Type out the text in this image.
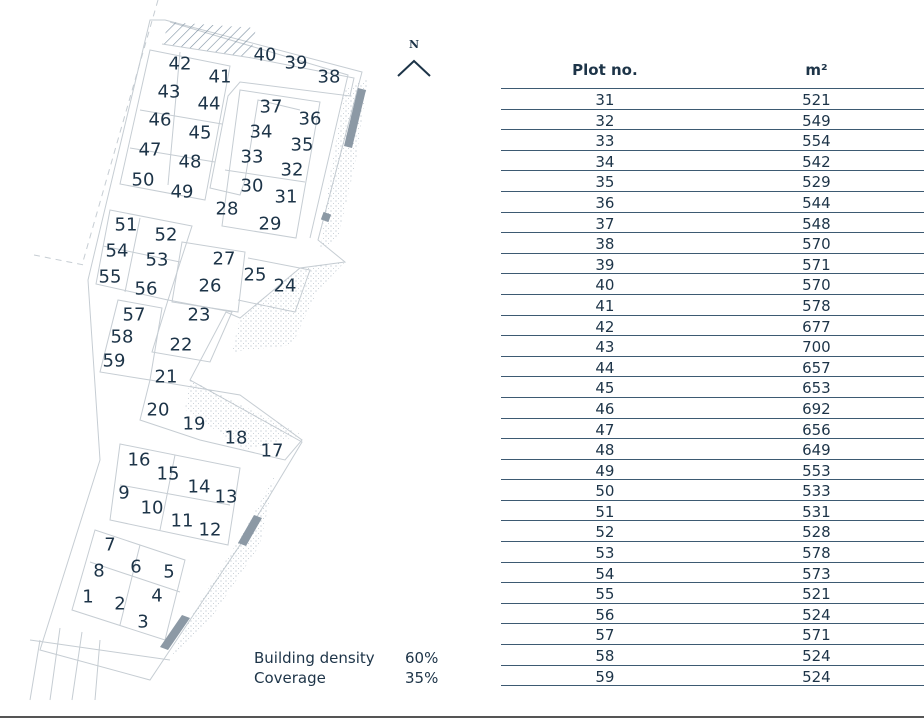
N
1 2
3
4
5
6
7
8
9
10
11 12
13
14
15
16	17
18
19
20
21
22
23
24
25
26
27
28
29
30
31
32
33
34
35
36
37
38
39
40
41
42
43
44
45
46
47
48
49
50
51 52
53
54
55
56
57
58
59
Building density	60%
Coverage	35%
Plot no.	m²
31	521
32	549
33	554
34	542
35	529
36	544
37	548
38	570
39	571
40	570
41	578
42	677
43	700
44	657
45	653
46	692
47	656
48	649
49	553
50	533
51	531
52	528
53	578
54	573
55	521
56	524
57	571
58	524
59	524
